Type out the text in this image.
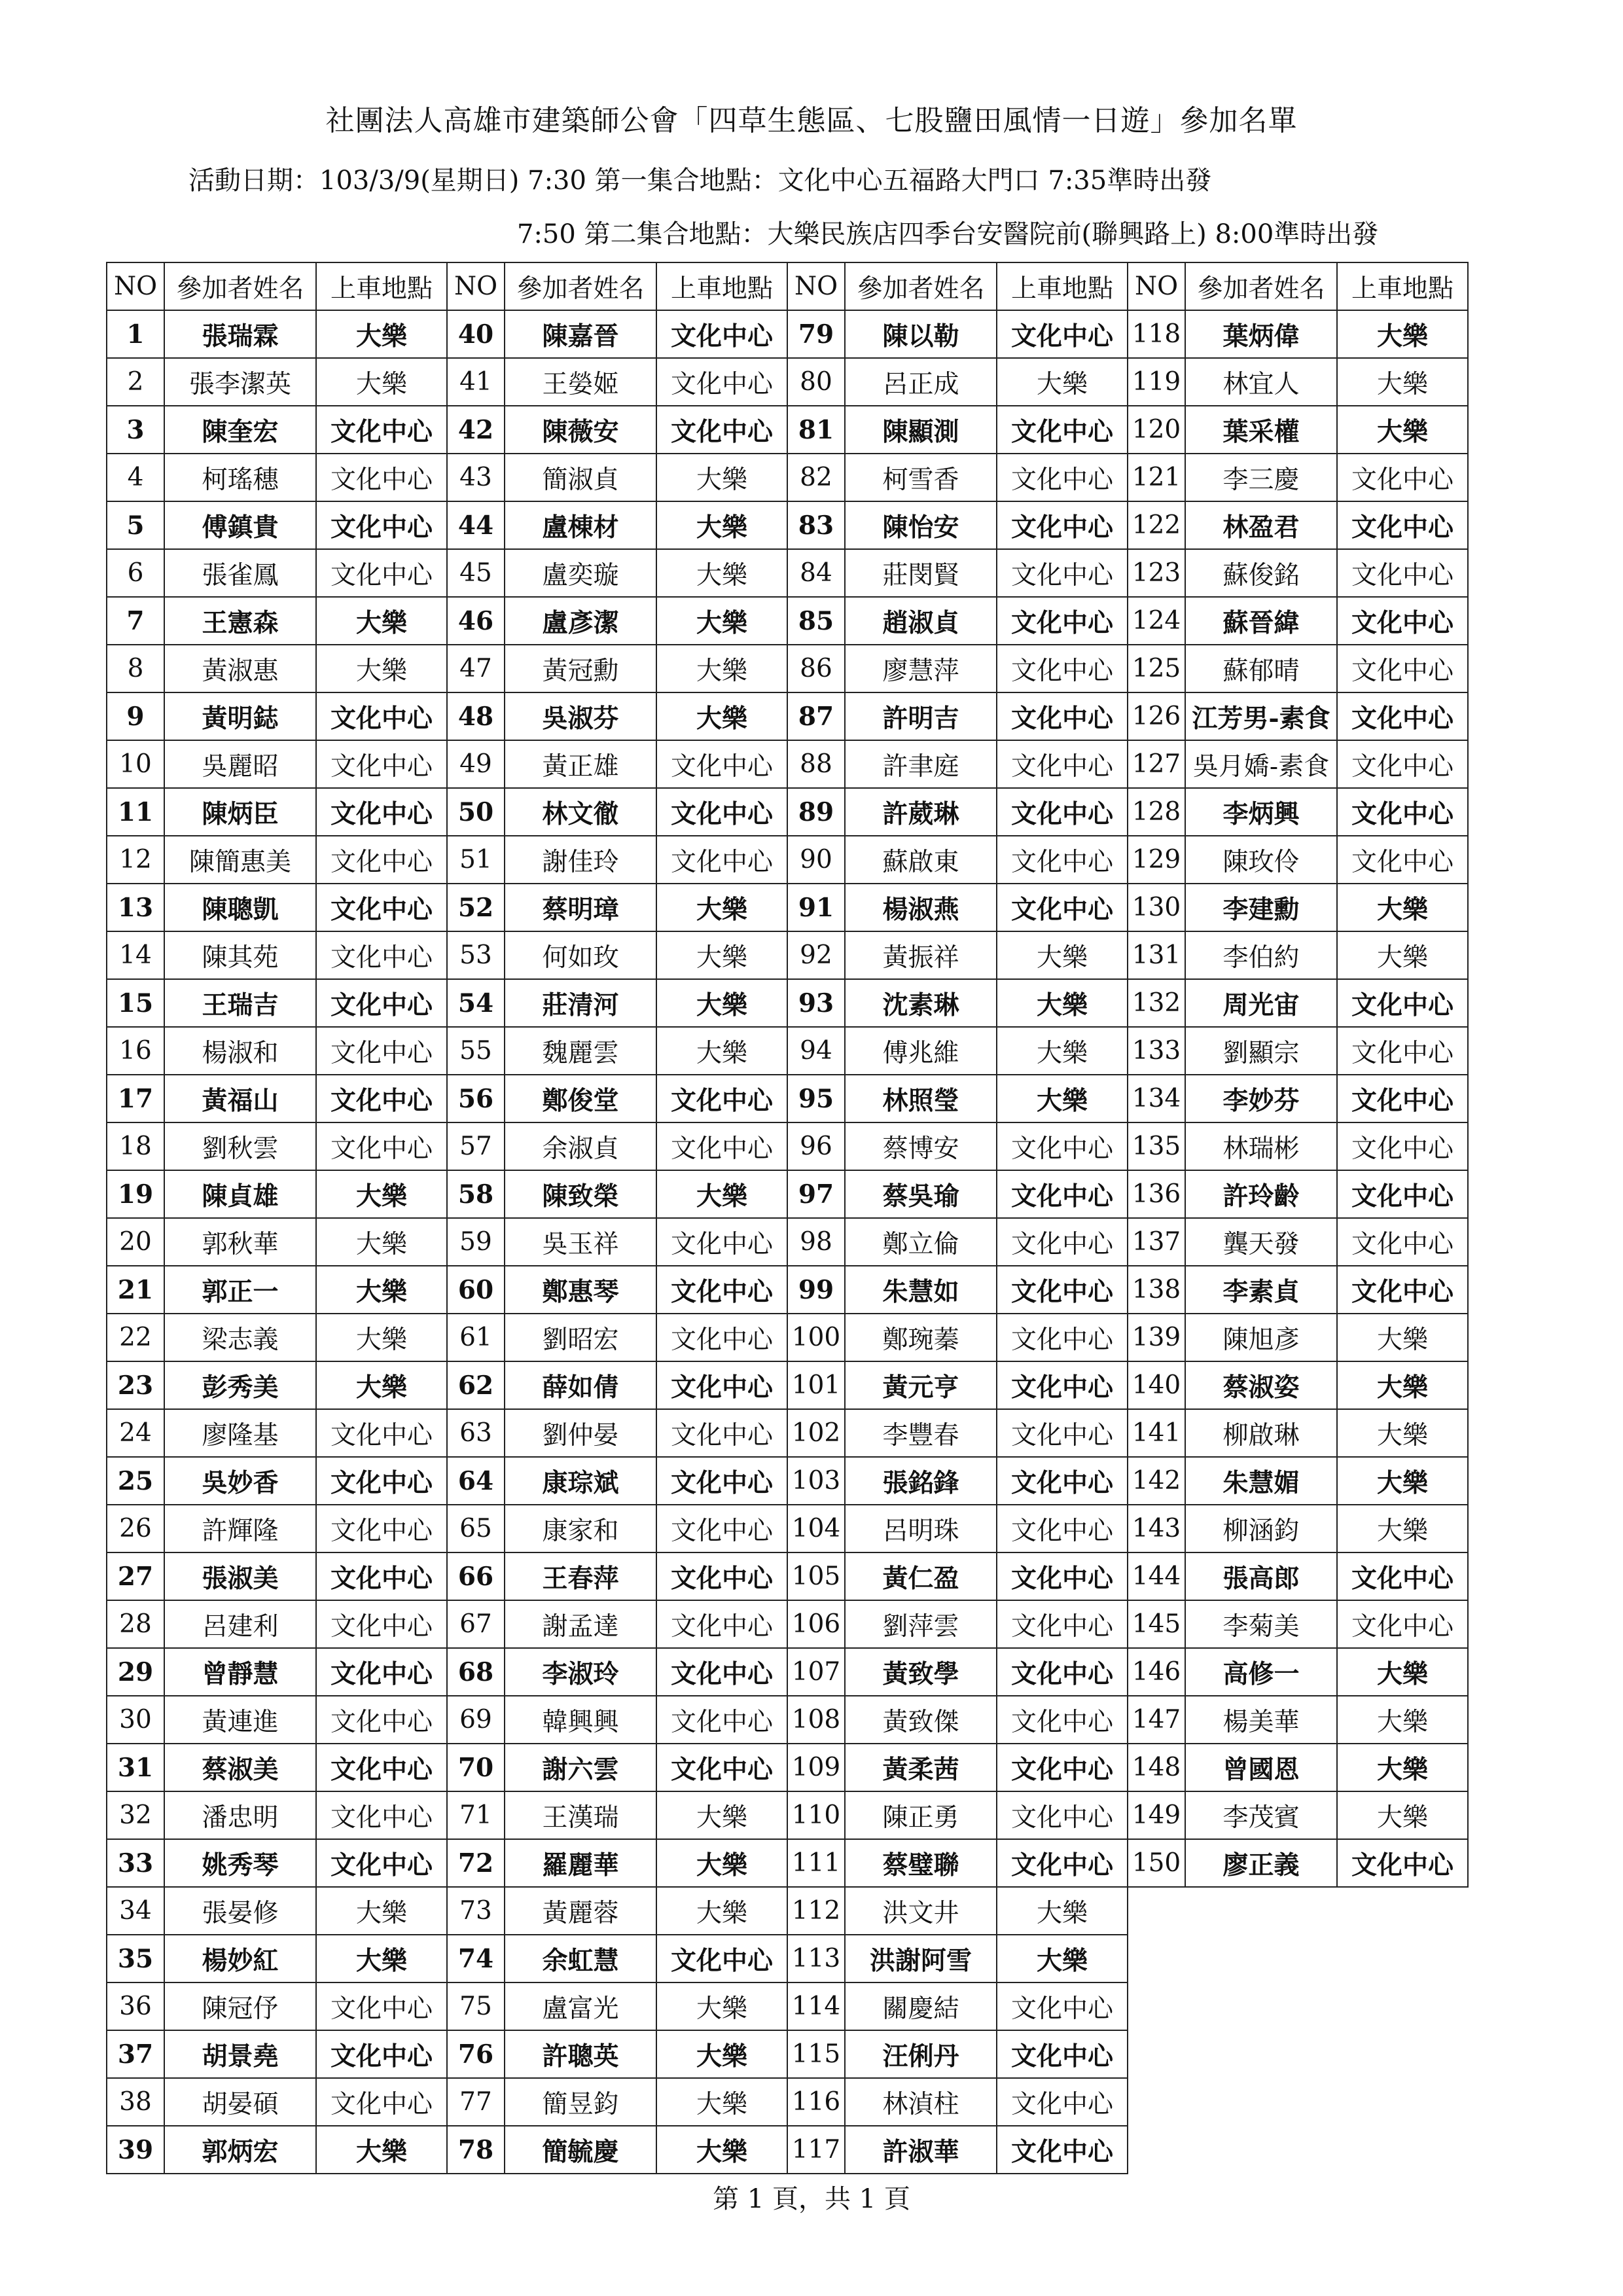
社團法人高雄市建築師公會「四草生態區、七股鹽田風情一日遊」參加名單
活動日期：103/3/9(星期日) 7:30 第一集合地點：文化中心五福路大門口 7:35準時出發
7:50 第二集合地點：大樂民族店四季台安醫院前(聯興路上) 8:00準時出發
NO	參加者姓名	上車地點	NO	參加者姓名	上車地點	NO	參加者姓名	上車地點	NO	參加者姓名	上車地點
1	張瑞霖	大樂	40	陳嘉晉	文化中心	79	陳以勒	文化中心	118	葉炳偉	大樂
2	張李潔英	大樂	41	王嫈姬	文化中心	80	呂正成	大樂	119	林宜人	大樂
3	陳奎宏	文化中心	42	陳薇安	文化中心	81	陳顯測	文化中心	120	葉采權	大樂
4	柯瑤穗	文化中心	43	簡淑貞	大樂	82	柯雪香	文化中心	121	李三慶	文化中心
5	傅鎮貴	文化中心	44	盧棟材	大樂	83	陳怡安	文化中心	122	林盈君	文化中心
6	張雀鳳	文化中心	45	盧奕璇	大樂	84	莊閔賢	文化中心	123	蘇俊銘	文化中心
7	王憲森	大樂	46	盧彥潔	大樂	85	趙淑貞	文化中心	124	蘇晉緯	文化中心
8	黃淑惠	大樂	47	黃冠勳	大樂	86	廖慧萍	文化中心	125	蘇郁晴	文化中心
9	黃明鋕	文化中心	48	吳淑芬	大樂	87	許明吉	文化中心	126	江芳男-素食	文化中心
10	吳麗昭	文化中心	49	黃正雄	文化中心	88	許聿庭	文化中心	127	吳月嬌-素食	文化中心
11	陳炳臣	文化中心	50	林文徹	文化中心	89	許葳琳	文化中心	128	李炳興	文化中心
12	陳簡惠美	文化中心	51	謝佳玲	文化中心	90	蘇啟東	文化中心	129	陳玫伶	文化中心
13	陳聰凱	文化中心	52	蔡明璋	大樂	91	楊淑燕	文化中心	130	李建勳	大樂
14	陳其苑	文化中心	53	何如玫	大樂	92	黃振祥	大樂	131	李伯約	大樂
15	王瑞吉	文化中心	54	莊清河	大樂	93	沈素琳	大樂	132	周光宙	文化中心
16	楊淑和	文化中心	55	魏麗雲	大樂	94	傅兆維	大樂	133	劉顯宗	文化中心
17	黃福山	文化中心	56	鄭俊堂	文化中心	95	林照瑩	大樂	134	李妙芬	文化中心
18	劉秋雲	文化中心	57	余淑貞	文化中心	96	蔡博安	文化中心	135	林瑞彬	文化中心
19	陳貞雄	大樂	58	陳致榮	大樂	97	蔡吳瑜	文化中心	136	許玲齡	文化中心
20	郭秋華	大樂	59	吳玉祥	文化中心	98	鄭立倫	文化中心	137	龔天發	文化中心
21	郭正一	大樂	60	鄭惠琴	文化中心	99	朱慧如	文化中心	138	李素貞	文化中心
22	梁志義	大樂	61	劉昭宏	文化中心	100	鄭琬蓁	文化中心	139	陳旭彥	大樂
23	彭秀美	大樂	62	薛如倩	文化中心	101	黃元亨	文化中心	140	蔡淑姿	大樂
24	廖隆基	文化中心	63	劉仲晏	文化中心	102	李豐春	文化中心	141	柳啟琳	大樂
25	吳妙香	文化中心	64	康琮斌	文化中心	103	張銘鋒	文化中心	142	朱慧媚	大樂
26	許輝隆	文化中心	65	康家和	文化中心	104	呂明珠	文化中心	143	柳涵鈞	大樂
27	張淑美	文化中心	66	王春萍	文化中心	105	黃仁盈	文化中心	144	張高郎	文化中心
28	呂建利	文化中心	67	謝孟達	文化中心	106	劉萍雲	文化中心	145	李菊美	文化中心
29	曾靜慧	文化中心	68	李淑玲	文化中心	107	黃致學	文化中心	146	高修一	大樂
30	黃連進	文化中心	69	韓興興	文化中心	108	黃致傑	文化中心	147	楊美華	大樂
31	蔡淑美	文化中心	70	謝六雲	文化中心	109	黃柔茜	文化中心	148	曾國恩	大樂
32	潘忠明	文化中心	71	王漢瑞	大樂	110	陳正勇	文化中心	149	李茂賓	大樂
33	姚秀琴	文化中心	72	羅麗華	大樂	111	蔡璧聯	文化中心	150	廖正義	文化中心
34	張晏修	大樂	73	黃麗蓉	大樂	112	洪文井	大樂			
35	楊妙紅	大樂	74	余虹慧	文化中心	113	洪謝阿雪	大樂			
36	陳冠伃	文化中心	75	盧富光	大樂	114	關慶結	文化中心			
37	胡景堯	文化中心	76	許聰英	大樂	115	汪俐丹	文化中心			
38	胡晏碩	文化中心	77	簡昱鈞	大樂	116	林湞柱	文化中心			
39	郭炳宏	大樂	78	簡毓慶	大樂	117	許淑華	文化中心			
第 1 頁，共 1 頁
